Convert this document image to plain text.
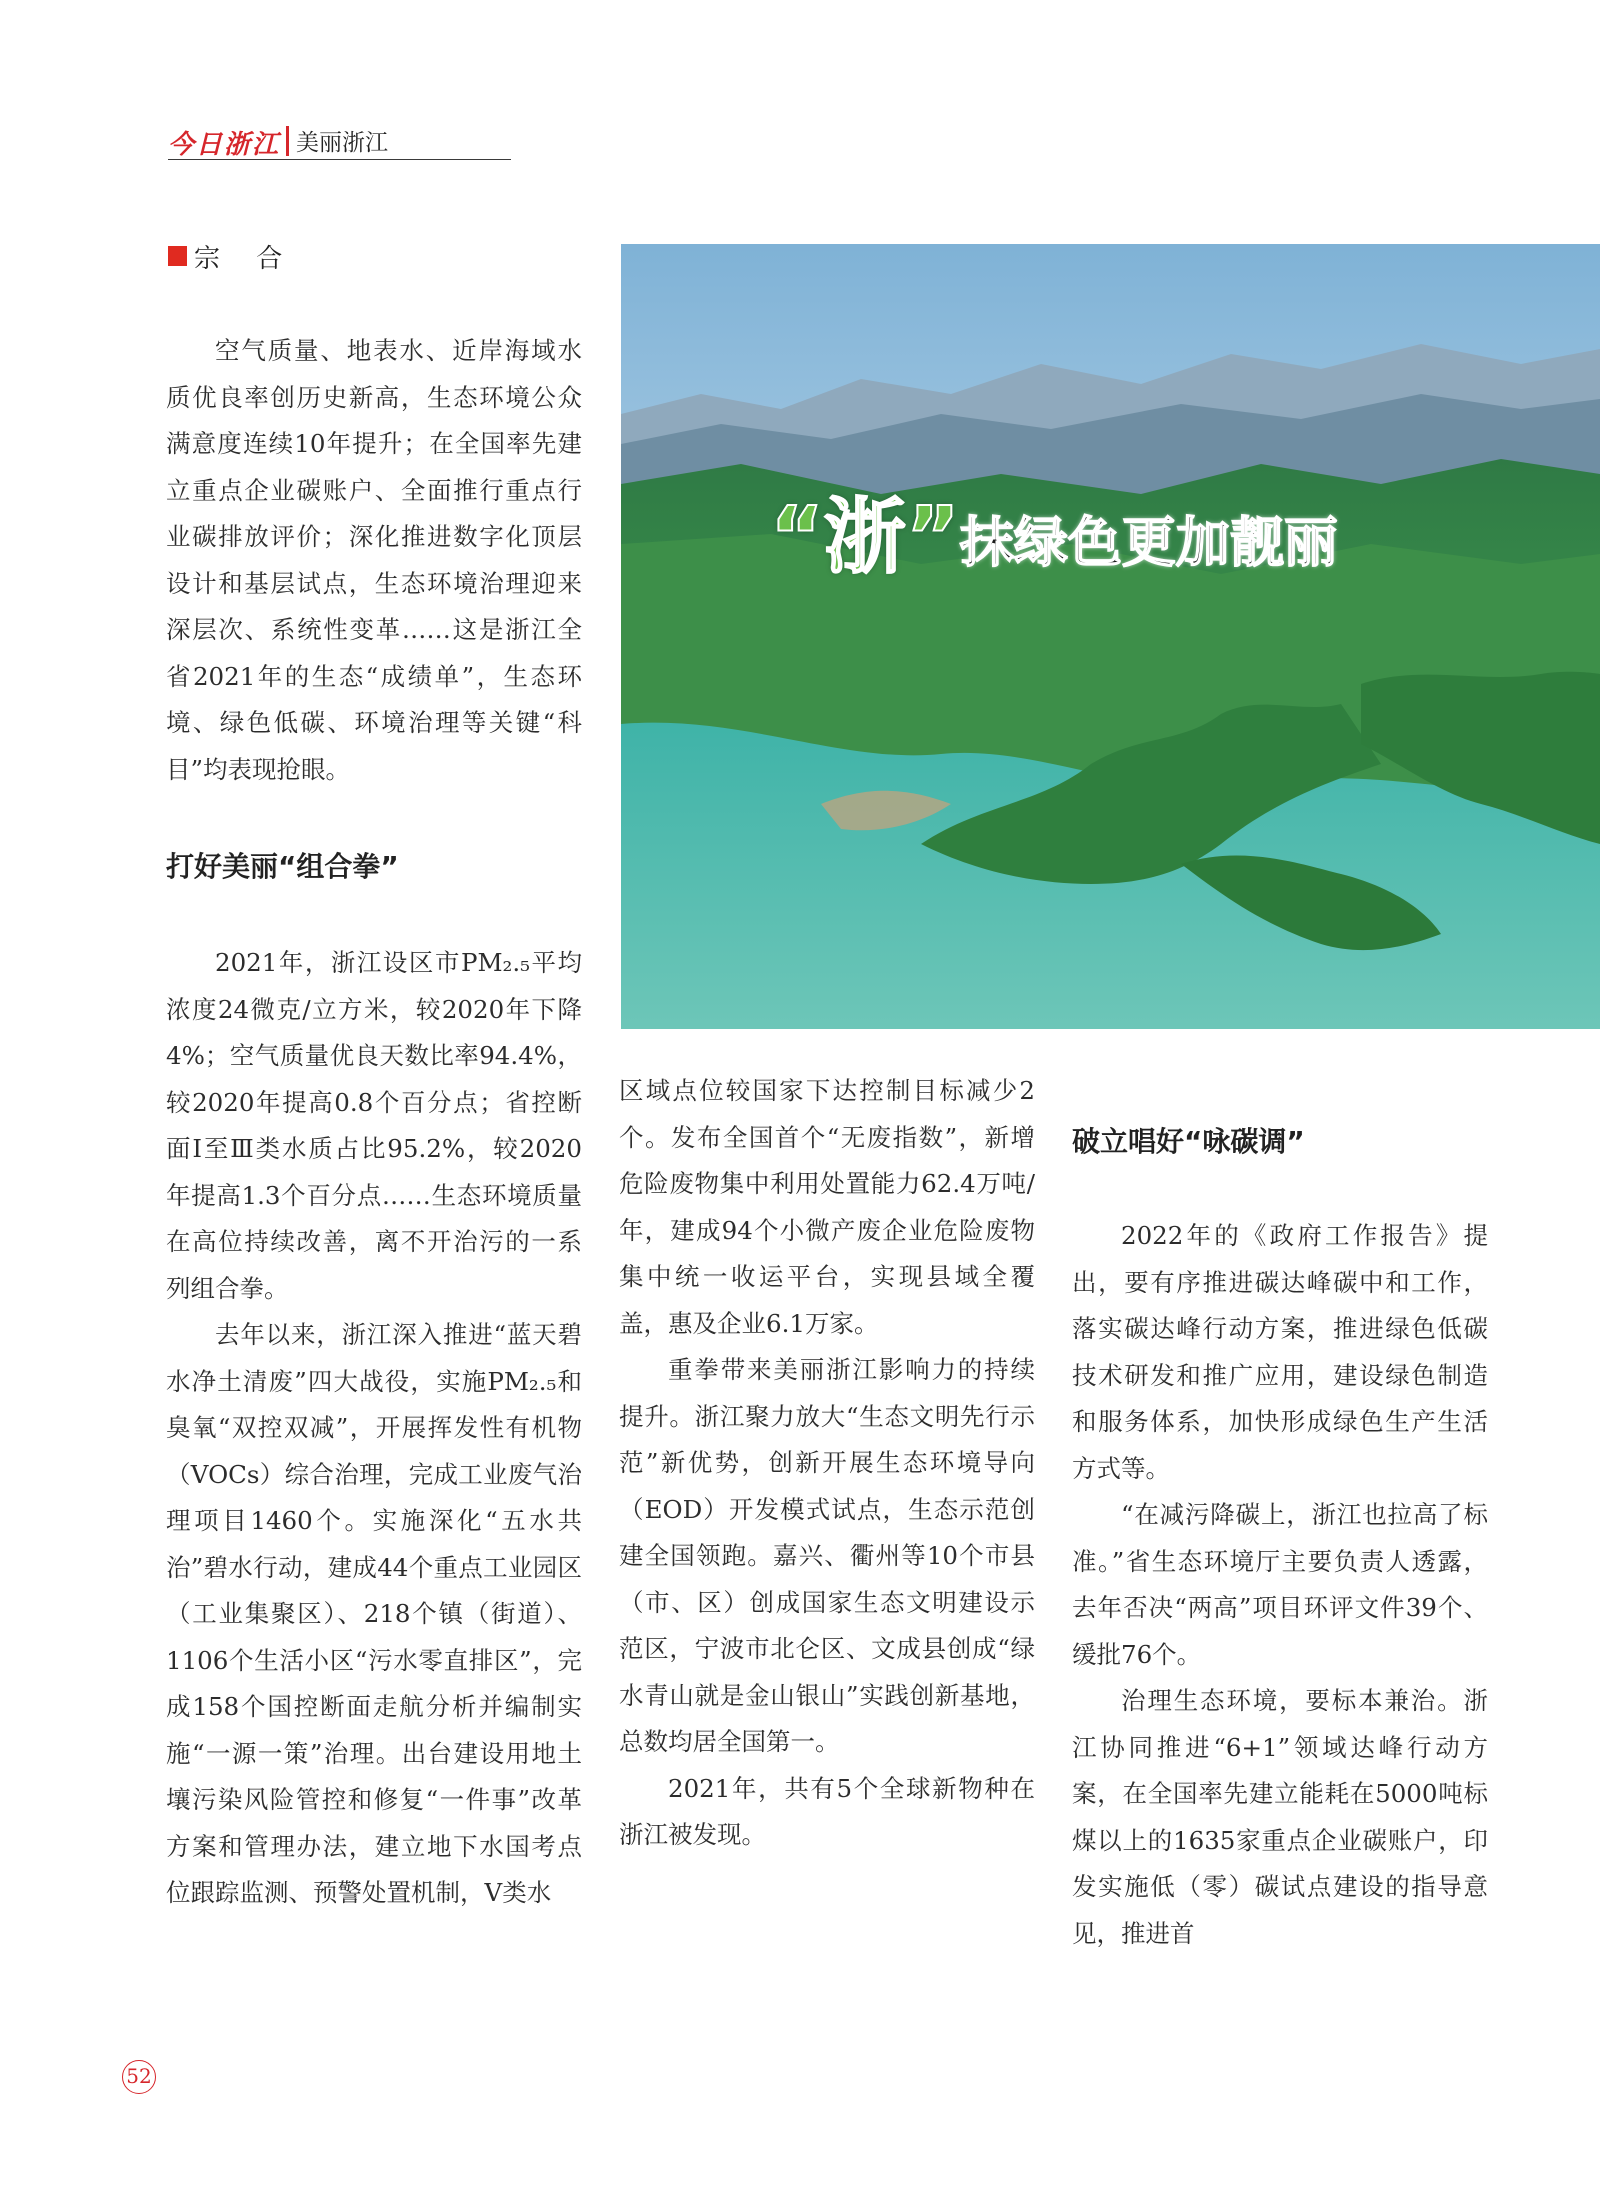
今日浙江 美丽浙江
宗 合
“浙”抹绿色更加靓丽

空气质量、地表水、近岸海域水质优良率创历史新高，生态环境公众满意度连续10年提升；在全国率先建立重点企业碳账户、全面推行重点行业碳排放评价；深化推进数字化顶层设计和基层试点，生态环境治理迎来深层次、系统性变革……这是浙江全省2021年的生态“成绩单”，生态环境、绿色低碳、环境治理等关键“科目”均表现抢眼。

打好美丽“组合拳”

2021年，浙江设区市PM₂.₅平均浓度24微克/立方米，较2020年下降4%；空气质量优良天数比率94.4%，较2020年提高0.8个百分点；省控断面Ⅰ至Ⅲ类水质占比95.2%，较2020年提高1.3个百分点……生态环境质量在高位持续改善，离不开治污的一系列组合拳。

去年以来，浙江深入推进“蓝天碧水净土清废”四大战役，实施PM₂.₅和臭氧“双控双减”，开展挥发性有机物（VOCs）综合治理，完成工业废气治理项目1460个。实施深化“五水共治”碧水行动，建成44个重点工业园区（工业集聚区）、218个镇（街道）、1106个生活小区“污水零直排区”，完成158个国控断面走航分析并编制实施“一源一策”治理。出台建设用地土壤污染风险管控和修复“一件事”改革方案和管理办法，建立地下水国考点位跟踪监测、预警处置机制，Ⅴ类水

区域点位较国家下达控制目标减少2个。发布全国首个“无废指数”，新增危险废物集中利用处置能力62.4万吨/年，建成94个小微产废企业危险废物集中统一收运平台，实现县域全覆盖，惠及企业6.1万家。

重拳带来美丽浙江影响力的持续提升。浙江聚力放大“生态文明先行示范”新优势，创新开展生态环境导向（EOD）开发模式试点，生态示范创建全国领跑。嘉兴、衢州等10个市县（市、区）创成国家生态文明建设示范区，宁波市北仑区、文成县创成“绿水青山就是金山银山”实践创新基地，总数均居全国第一。

2021年，共有5个全球新物种在浙江被发现。

破立唱好“咏碳调”

2022年的《政府工作报告》提出，要有序推进碳达峰碳中和工作，落实碳达峰行动方案，推进绿色低碳技术研发和推广应用，建设绿色制造和服务体系，加快形成绿色生产生活方式等。

“在减污降碳上，浙江也拉高了标准。”省生态环境厅主要负责人透露，去年否决“两高”项目环评文件39个、缓批76个。

治理生态环境，要标本兼治。浙江协同推进“6+1”领域达峰行动方案，在全国率先建立能耗在5000吨标煤以上的1635家重点企业碳账户，印发实施低（零）碳试点建设的指导意见，推进首

52
